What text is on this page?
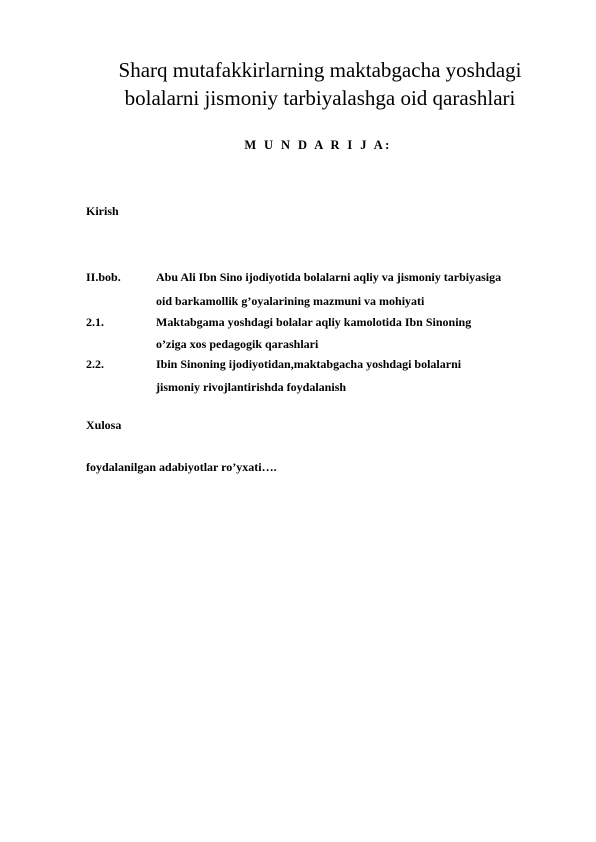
Sharq mutafakkirlarning maktabgacha yoshdagi
bolalarni jismoniy tarbiyalashga oid qarashlari
M U N D A R I J A:
Kirish
II.bob.	Abu Ali Ibn Sino ijodiyotida bolalarni aqliy va jismoniy tarbiyasiga
oid barkamollik g’oyalarining mazmuni va mohiyati
2.1.	Maktabgama yoshdagi bolalar aqliy kamolotida Ibn Sinoning
o’ziga xos pedagogik qarashlari
2.2.	Ibin Sinoning ijodiyotidan,maktabgacha yoshdagi bolalarni
jismoniy rivojlantirishda foydalanish
Xulosa
foydalanilgan adabiyotlar ro’yxati….
